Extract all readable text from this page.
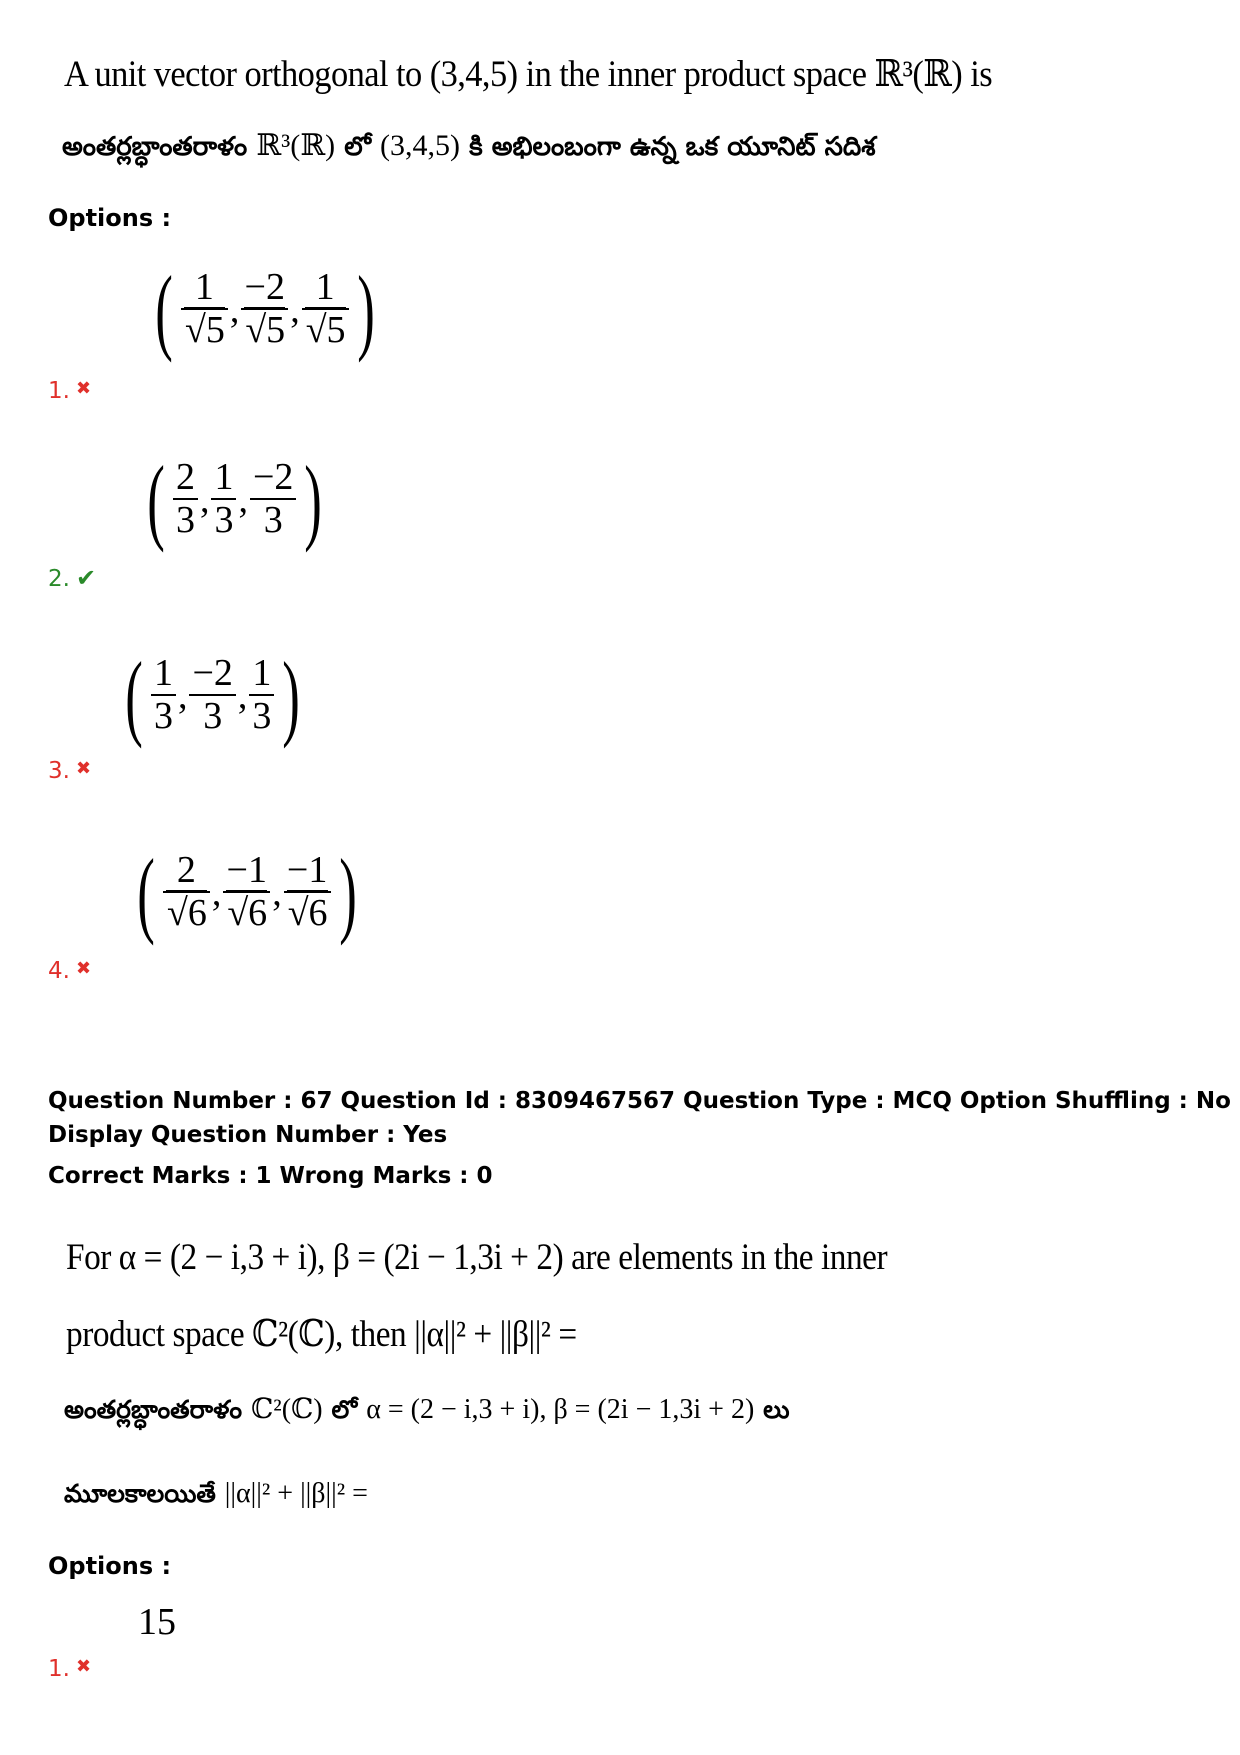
A unit vector orthogonal to (3,4,5) in the inner product space ℝ³(ℝ) is
అంతర్లబ్ధాంతరాళం ℝ³(ℝ) లో (3,4,5) కి అభిలంబంగా ఉన్న ఒక యూనిట్ సదిశ
Options :
( $\frac{1}{√5}$ , $\frac{-2}{√5}$ , $\frac{1}{√5}$ )
1. ✖
( $\frac{2}{3}$ , $\frac{1}{3}$ , $\frac{-2}{3}$ )
2. ✔
( $\frac{1}{3}$ , $\frac{-2}{3}$ , $\frac{1}{3}$ )
3. ✖
( $\frac{2}{√6}$ , $\frac{-1}{√6}$ , $\frac{-1}{√6}$ )
4. ✖
Question Number : 67 Question Id : 8309467567 Question Type : MCQ Option Shuffling : No
Display Question Number : Yes
Correct Marks : 1 Wrong Marks : 0
For α = (2 − i,3 + i), β = (2i − 1,3i + 2) are elements in the inner
product space ℂ²(ℂ), then ||α||² + ||β||² =
అంతర్లబ్ధాంతరాళం ℂ²(ℂ) లో α = (2 − i,3 + i), β = (2i − 1,3i + 2) లు
మూలకాలయితే ||α||² + ||β||² =
Options :
15
1. ✖
